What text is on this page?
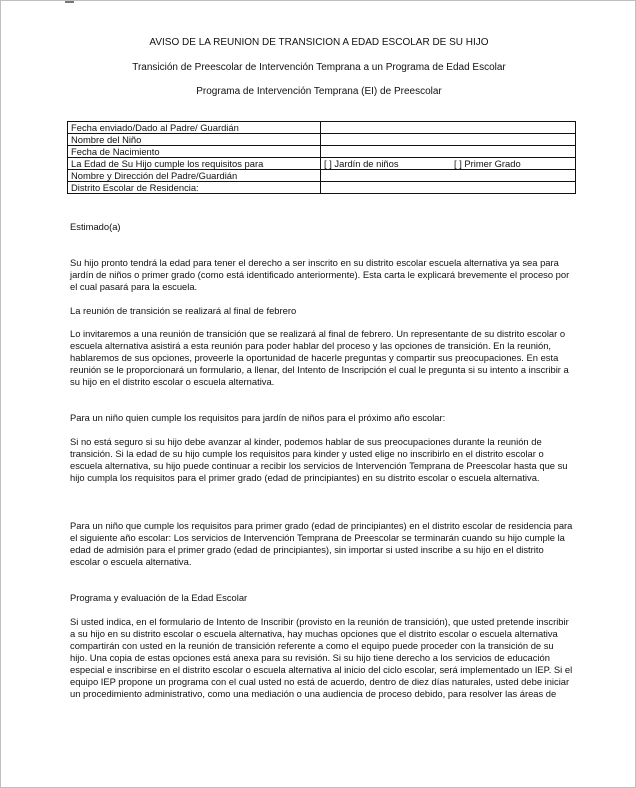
AVISO DE LA REUNION DE TRANSICION A EDAD ESCOLAR DE SU HIJO
Transición de Preescolar de Intervención Temprana a un Programa de Edad Escolar
Programa de Intervención Temprana (EI) de Preescolar
Fecha enviado/Dado al Padre/ Guardián	
Nombre del Niño	
Fecha de Nacimiento	
La Edad de Su Hijo cumple los requisitos para	[ ] Jardín de niños [ ] Primer Grado
Nombre y Dirección del Padre/Guardián	
Distrito Escolar de Residencia:	
Estimado(a)
Su hijo pronto tendrá la edad para tener el derecho a ser inscrito en su distrito escolar escuela alternativa ya sea para jardín de niños o primer grado (como está identificado anteriormente). Esta carta le explicará brevemente el proceso por el cual pasará para la escuela.
La reunión de transición se realizará al final de febrero
Lo invitaremos a una reunión de transición que se realizará al final de febrero. Un representante de su distrito escolar o escuela alternativa asistirá a esta reunión para poder hablar del proceso y las opciones de transición. En la reunión, hablaremos de sus opciones, proveerle la oportunidad de hacerle preguntas y compartir sus preocupaciones. En esta reunión se le proporcionará un formulario, a llenar, del Intento de Inscripción el cual le pregunta si su intento a inscribir a su hijo en el distrito escolar o escuela alternativa.
Para un niño quien cumple los requisitos para jardín de niños para el próximo año escolar:
Si no está seguro si su hijo debe avanzar al kinder, podemos hablar de sus preocupaciones durante la reunión de transición. Si la edad de su hijo cumple los requisitos para kinder y usted elige no inscribirlo en el distrito escolar o escuela alternativa, su hijo puede continuar a recibir los servicios de Intervención Temprana de Preescolar hasta que su hijo cumpla los requisitos para el primer grado (edad de principiantes) en su distrito escolar o escuela alternativa.
Para un niño que cumple los requisitos para primer grado (edad de principiantes) en el distrito escolar de residencia para el siguiente año escolar: Los servicios de Intervención Temprana de Preescolar se terminarán cuando su hijo cumple la edad de admisión para el primer grado (edad de principiantes), sin importar si usted inscribe a su hijo en el distrito escolar o escuela alternativa.
Programa y evaluación de la Edad Escolar
Si usted indica, en el formulario de Intento de Inscribir (provisto en la reunión de transición), que usted pretende inscribir a su hijo en su distrito escolar o escuela alternativa, hay muchas opciones que el distrito escolar o escuela alternativa compartirán con usted en la reunión de transición referente a como el equipo puede proceder con la transición de su hijo. Una copia de estas opciones está anexa para su revisión. Si su hijo tiene derecho a los servicios de educación especial e inscribirse en el distrito escolar o escuela alternativa al inicio del ciclo escolar, será implementado un IEP. Si el equipo IEP propone un programa con el cual usted no está de acuerdo, dentro de diez días naturales, usted debe iniciar un procedimiento administrativo, como una mediación o una audiencia de proceso debido, para resolver las áreas de
